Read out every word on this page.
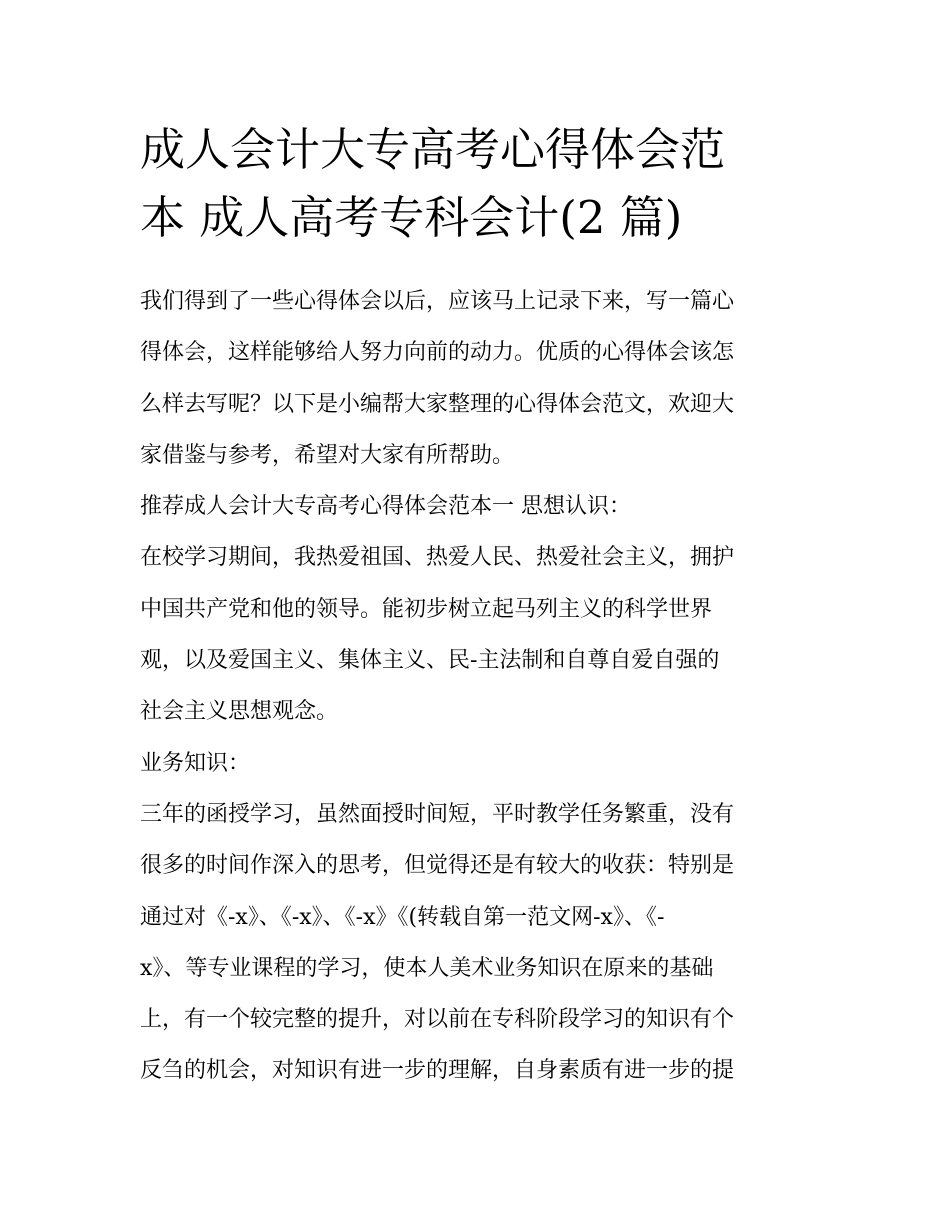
成人会计大专高考心得体会范
本 成人高考专科会计(2 篇)
我们得到了一些心得体会以后，应该马上记录下来，写一篇心
得体会，这样能够给人努力向前的动力。优质的心得体会该怎
么样去写呢？以下是小编帮大家整理的心得体会范文，欢迎大
家借鉴与参考，希望对大家有所帮助。
推荐成人会计大专高考心得体会范本一 思想认识：
在校学习期间，我热爱祖国、热爱人民、热爱社会主义，拥护
中国共产党和他的领导。能初步树立起马列主义的科学世界
观，以及爱国主义、集体主义、民-主法制和自尊自爱自强的
社会主义思想观念。
业务知识：
三年的函授学习，虽然面授时间短，平时教学任务繁重，没有
很多的时间作深入的思考，但觉得还是有较大的收获：特别是
通过对《-x》、《-x》、《-x》《(转载自第一范文网-x》、《-
x》、等专业课程的学习，使本人美术业务知识在原来的基础
上，有一个较完整的提升，对以前在专科阶段学习的知识有个
反刍的机会，对知识有进一步的理解，自身素质有进一步的提
